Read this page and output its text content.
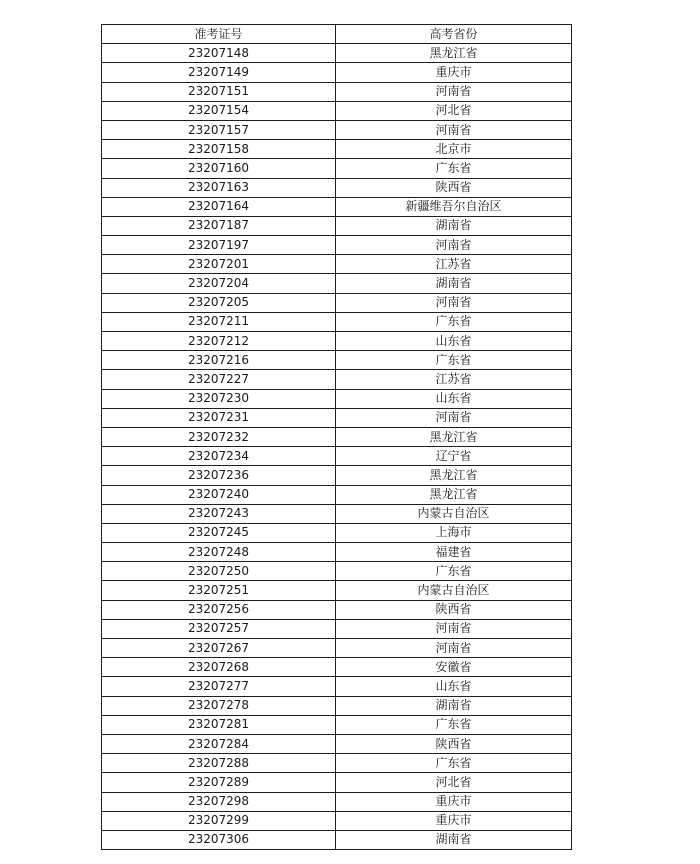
准考证号	高考省份
23207148	黑龙江省
23207149	重庆市
23207151	河南省
23207154	河北省
23207157	河南省
23207158	北京市
23207160	广东省
23207163	陕西省
23207164	新疆维吾尔自治区
23207187	湖南省
23207197	河南省
23207201	江苏省
23207204	湖南省
23207205	河南省
23207211	广东省
23207212	山东省
23207216	广东省
23207227	江苏省
23207230	山东省
23207231	河南省
23207232	黑龙江省
23207234	辽宁省
23207236	黑龙江省
23207240	黑龙江省
23207243	内蒙古自治区
23207245	上海市
23207248	福建省
23207250	广东省
23207251	内蒙古自治区
23207256	陕西省
23207257	河南省
23207267	河南省
23207268	安徽省
23207277	山东省
23207278	湖南省
23207281	广东省
23207284	陕西省
23207288	广东省
23207289	河北省
23207298	重庆市
23207299	重庆市
23207306	湖南省
